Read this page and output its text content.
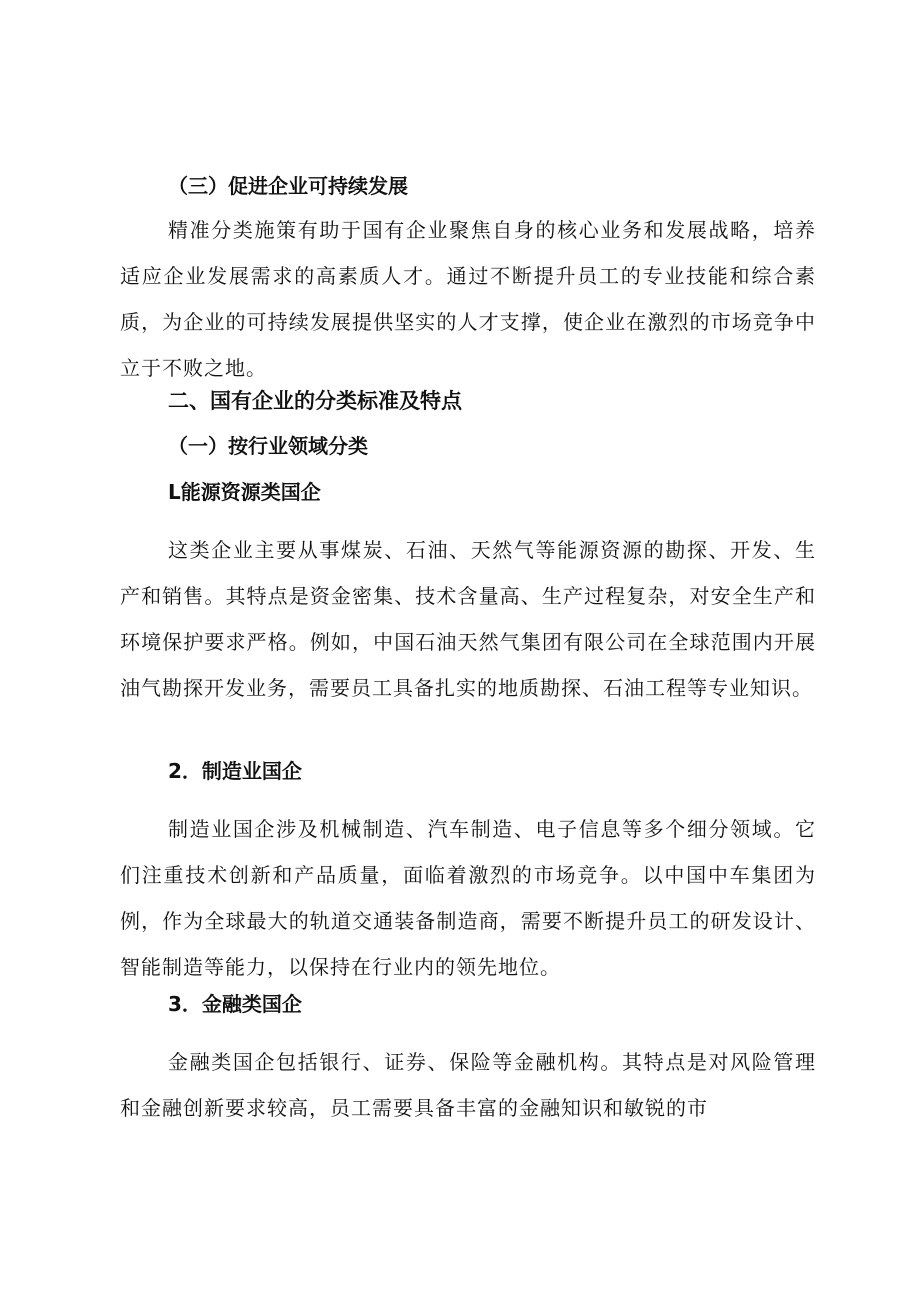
（三）促进企业可持续发展

精准分类施策有助于国有企业聚焦自身的核心业务和发展战略，培养适应企业发展需求的高素质人才。通过不断提升员工的专业技能和综合素质，为企业的可持续发展提供坚实的人才支撑，使企业在激烈的市场竞争中立于不败之地。

二、国有企业的分类标准及特点
（一）按行业领域分类
L能源资源类国企

这类企业主要从事煤炭、石油、天然气等能源资源的勘探、开发、生产和销售。其特点是资金密集、技术含量高、生产过程复杂，对安全生产和环境保护要求严格。例如，中国石油天然气集团有限公司在全球范围内开展油气勘探开发业务，需要员工具备扎实的地质勘探、石油工程等专业知识。

2．制造业国企

制造业国企涉及机械制造、汽车制造、电子信息等多个细分领域。它们注重技术创新和产品质量，面临着激烈的市场竞争。以中国中车集团为例，作为全球最大的轨道交通装备制造商，需要不断提升员工的研发设计、智能制造等能力，以保持在行业内的领先地位。

3．金融类国企

金融类国企包括银行、证券、保险等金融机构。其特点是对风险管理和金融创新要求较高，员工需要具备丰富的金融知识和敏锐的市
